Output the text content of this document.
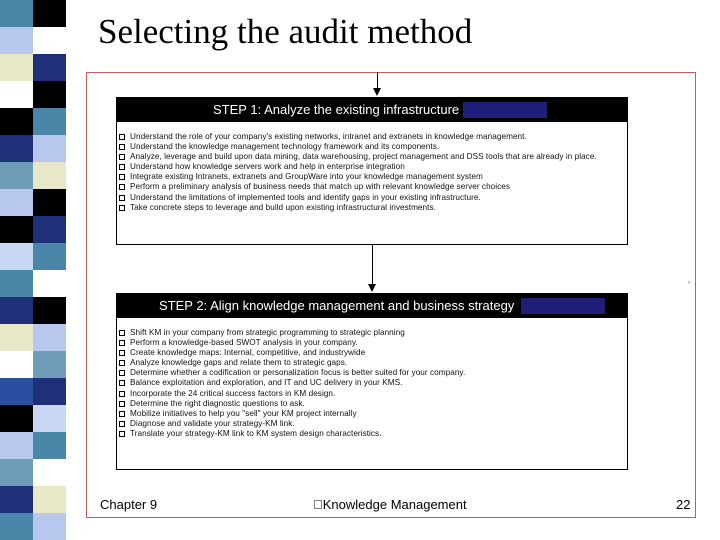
Selecting the audit method
STEP 1: Analyze the existing infrastructure
Understand the role of your company's existing networks, intranet and extranets in knowledge management.
Understand the knowledge management technology framework and its components.
Analyze, leverage and build upon data mining, data warehousing, project management and DSS tools that are already in place.
Understand how knowledge servers work and help in enterprise integration
Integrate existing Intranets, extranets and GroupWare into your knowledge management system
Perform a preliminary analysis of business needs that match up with relevant knowledge server choices
Understand the limitations of implemented tools and identify gaps in your existing infrastructure.
Take concrete steps to leverage and build upon existing infrastructural investments.
STEP 2: Align knowledge management and business strategy
Shift KM in your company from strategic programming to strategic planning
Perform a knowledge-based SWOT analysis in your company.
Create knowledge maps: Internal, competitive, and industrywide
Analyze knowledge gaps and relate them to strategic gaps.
Determine whether a codification or personalization focus is better suited for your company.
Balance exploitation and exploration, and IT and UC delivery in your KMS.
Incorporate the 24 critical success factors in KM design.
Determine the right diagnostic questions to ask.
Mobilize initiatives to help you "sell" your KM project internally
Diagnose and validate your strategy-KM link.
Translate your strategy-KM link to KM system design characteristics.
›
Chapter 9	Knowledge Management	22
